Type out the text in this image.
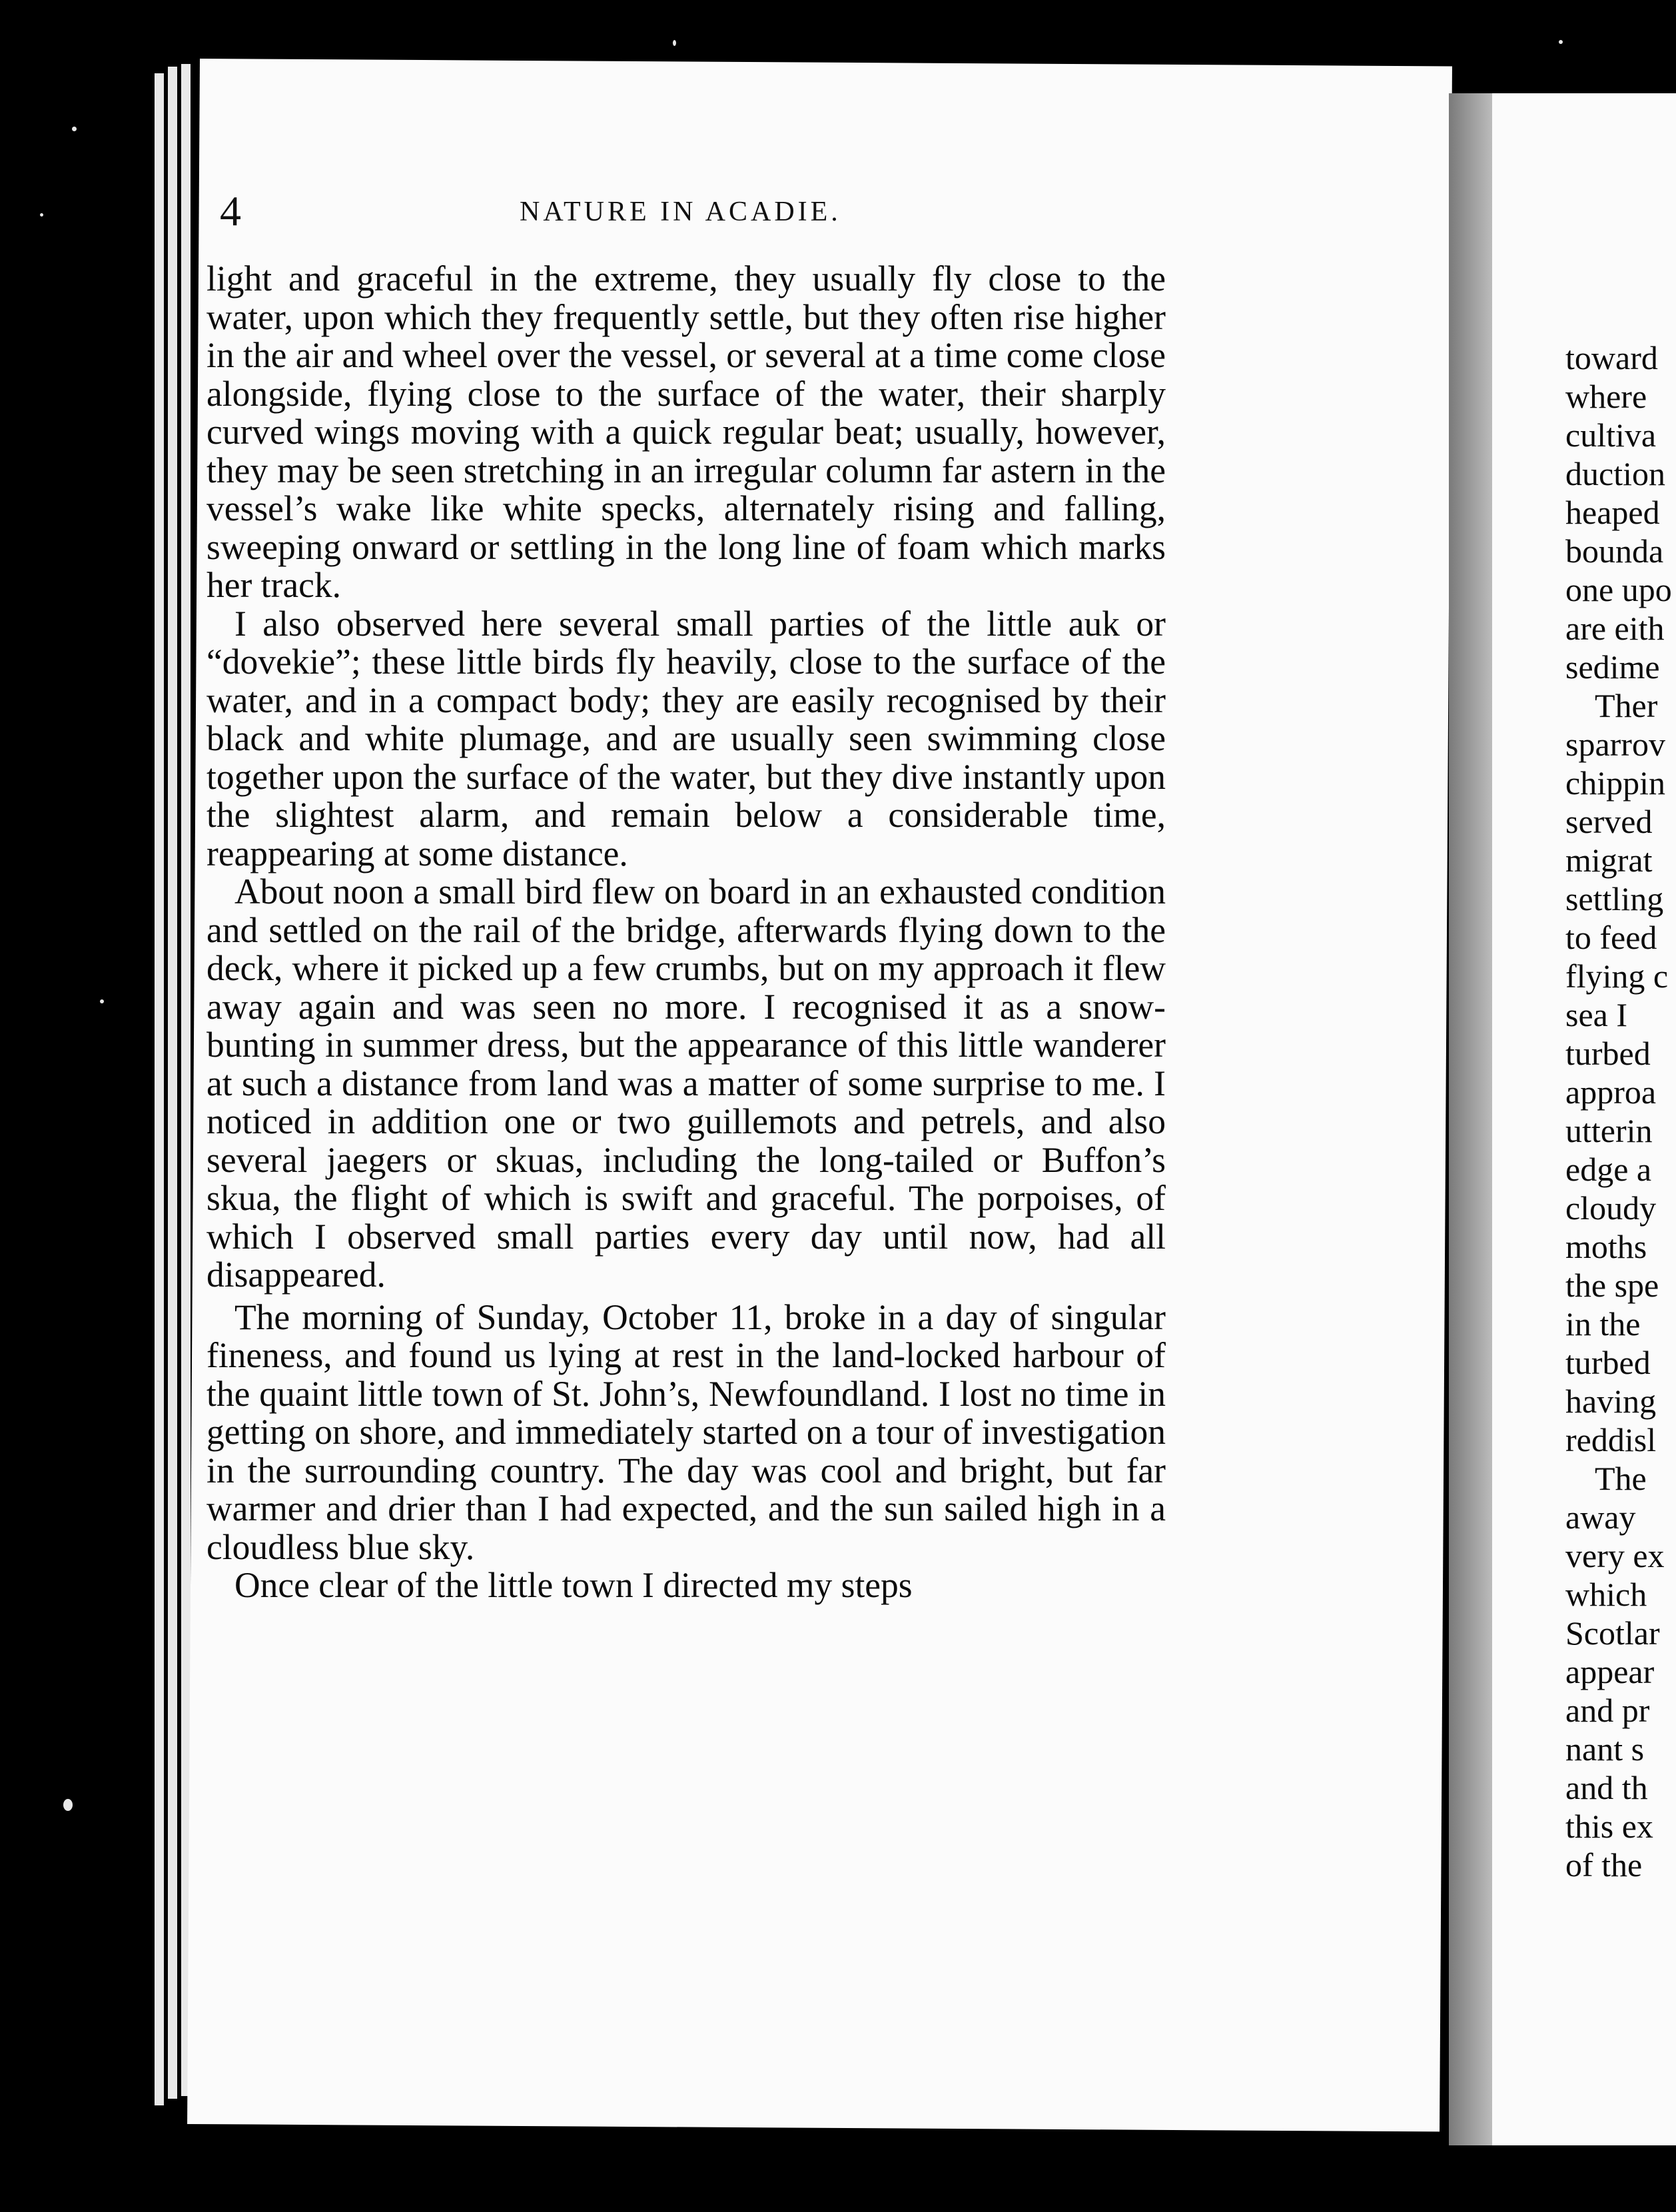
4	NATURE IN ACADIE.

light and graceful in the extreme, they usually fly close to the water, upon which they frequently settle, but they often rise higher in the air and wheel over the vessel, or several at a time come close alongside, flying close to the surface of the water, their sharply curved wings moving with a quick regular beat; usually, however, they may be seen stretching in an irregular column far astern in the vessel’s wake like white specks, alternately rising and falling, sweeping onward or settling in the long line of foam which marks her track.

I also observed here several small parties of the little auk or “dovekie”; these little birds fly heavily, close to the surface of the water, and in a compact body; they are easily recognised by their black and white plumage, and are usually seen swimming close together upon the surface of the water, but they dive instantly upon the slightest alarm, and remain below a considerable time, reappearing at some distance.

About noon a small bird flew on board in an exhausted condition and settled on the rail of the bridge, afterwards flying down to the deck, where it picked up a few crumbs, but on my approach it flew away again and was seen no more. I recognised it as a snow-bunting in summer dress, but the appearance of this little wanderer at such a distance from land was a matter of some surprise to me. I noticed in addition one or two guillemots and petrels, and also several jaegers or skuas, including the long-tailed or Buffon’s skua, the flight of which is swift and graceful. The porpoises, of which I observed small parties every day until now, had all disappeared.

The morning of Sunday, October 11, broke in a day of singular fineness, and found us lying at rest in the land-locked harbour of the quaint little town of St. John’s, Newfoundland. I lost no time in getting on shore, and immediately started on a tour of investigation in the surrounding country. The day was cool and bright, but far warmer and drier than I had expected, and the sun sailed high in a cloudless blue sky.

Once clear of the little town I directed my steps

toward
where
cultiva
duction
heaped
bounda
one upo
are eith
sedime
Ther
sparrov
chippin
served
migrat
settling
to feed
flying c
sea I
turbed
approa
utterin
edge a
cloudy
moths
the spe
in the
turbed
having
reddisl
The
away
very ex
which
Scotlar
appear
and pr
nant s
and th
this ex
of the
